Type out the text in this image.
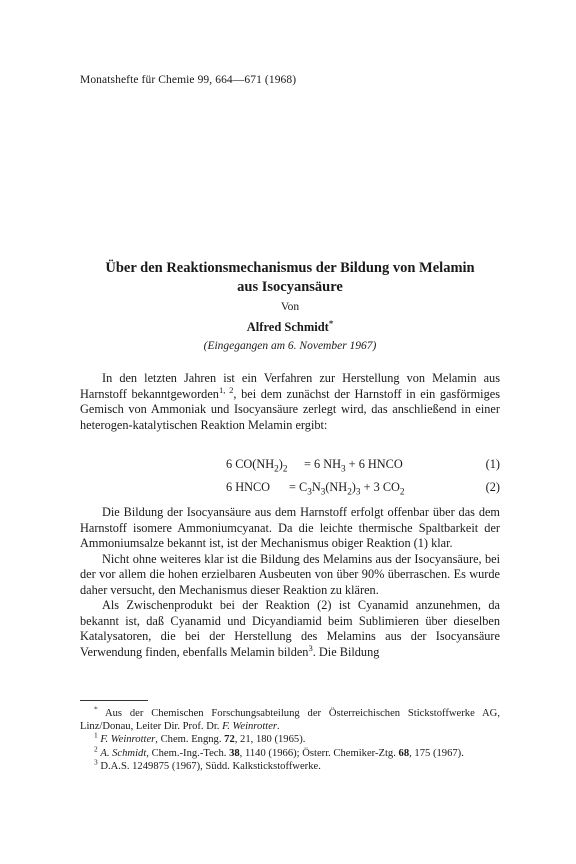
Monatshefte für Chemie 99, 664—671 (1968)
Über den Reaktionsmechanismus der Bildung von Melamin
aus Isocyansäure
Von
Alfred Schmidt*
(Eingegangen am 6. November 1967)

In den letzten Jahren ist ein Verfahren zur Herstellung von Melamin aus Harnstoff bekanntgeworden$^{1, 2}$, bei dem zunächst der Harnstoff in ein gasförmiges Gemisch von Ammoniak und Isocyansäure zerlegt wird, das anschließend in einer heterogen-katalytischen Reaktion Melamin ergibt:

6 $CO(NH_2)_2 = 6$ $NH_3 + 6$ HNCO	(1)
6 HNCO = $C_3N_3(NH_2)_3 + 3$ $CO_2$	(2)

Die Bildung der Isocyansäure aus dem Harnstoff erfolgt offenbar über das dem Harnstoff isomere Ammoniumcyanat. Da die leichte thermische Spaltbarkeit der Ammoniumsalze bekannt ist, ist der Mechanismus obiger Reaktion (1) klar.

Nicht ohne weiteres klar ist die Bildung des Melamins aus der Isocyansäure, bei der vor allem die hohen erzielbaren Ausbeuten von über 90% überraschen. Es wurde daher versucht, den Mechanismus dieser Reaktion zu klären.

Als Zwischenprodukt bei der Reaktion (2) ist Cyanamid anzunehmen, da bekannt ist, daß Cyanamid und Dicyandiamid beim Sublimieren über dieselben Katalysatoren, die bei der Herstellung des Melamins aus der Isocyansäure Verwendung finden, ebenfalls Melamin bilden$^3$. Die Bildung

* Aus der Chemischen Forschungsabteilung der Österreichischen Stickstoffwerke AG, Linz/Donau, Leiter Dir. Prof. Dr. F. Weinrotter.

$^1$ F. Weinrotter, Chem. Engng. 72, 21, 180 (1965).

$^2$ A. Schmidt, Chem.-Ing.-Tech. 38, 1140 (1966); Österr. Chemiker-Ztg. 68, 175 (1967).

$^3$ D.A.S. 1249875 (1967), Südd. Kalkstickstoffwerke.
